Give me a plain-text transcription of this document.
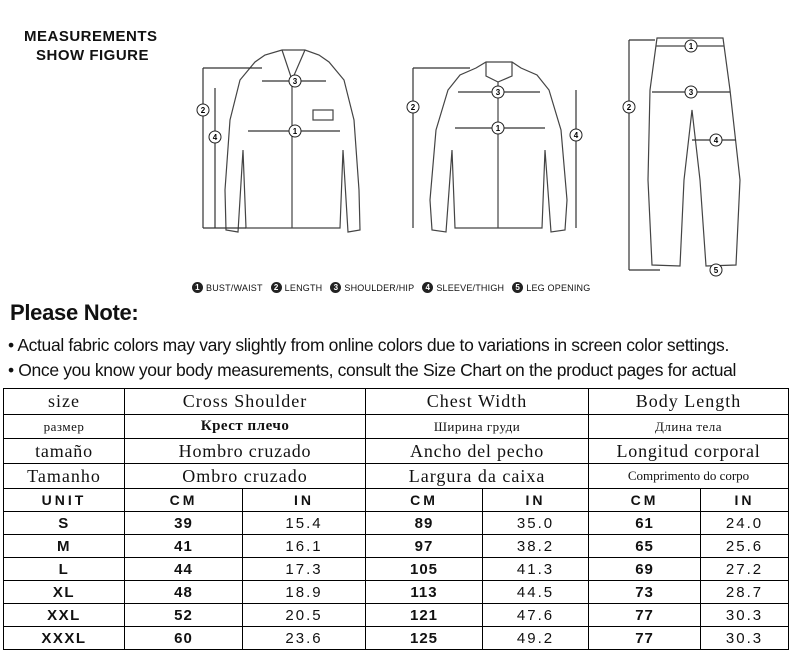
MEASUREMENTS
SHOW FIGURE
3
1
2
4
3
1
2
4
1
3
2
4
5
1 BUST/WAIST	2 LENGTH	3 SHOULDER/HIP	4 SLEEVE/THIGH	5 LEG OPENING
Please Note:
• Actual fabric colors may vary slightly from online colors due to variations in screen color settings.
• Once you know your body measurements, consult the Size Chart on the product pages for actual
size	Cross Shoulder		Chest Width		Body Length	
размер	Крест плечо		Ширина груди		Длина тела	
tamaño	Hombro cruzado		Ancho del pecho		Longitud corporal	
Tamanho	Ombro cruzado		Largura da caixa		Comprimento do corpo	
UNIT	CM	IN	CM	IN	CM	IN
S	39	15.4	89	35.0	61	24.0
M	41	16.1	97	38.2	65	25.6
L	44	17.3	105	41.3	69	27.2
XL	48	18.9	113	44.5	73	28.7
XXL	52	20.5	121	47.6	77	30.3
XXXL	60	23.6	125	49.2	77	30.3
